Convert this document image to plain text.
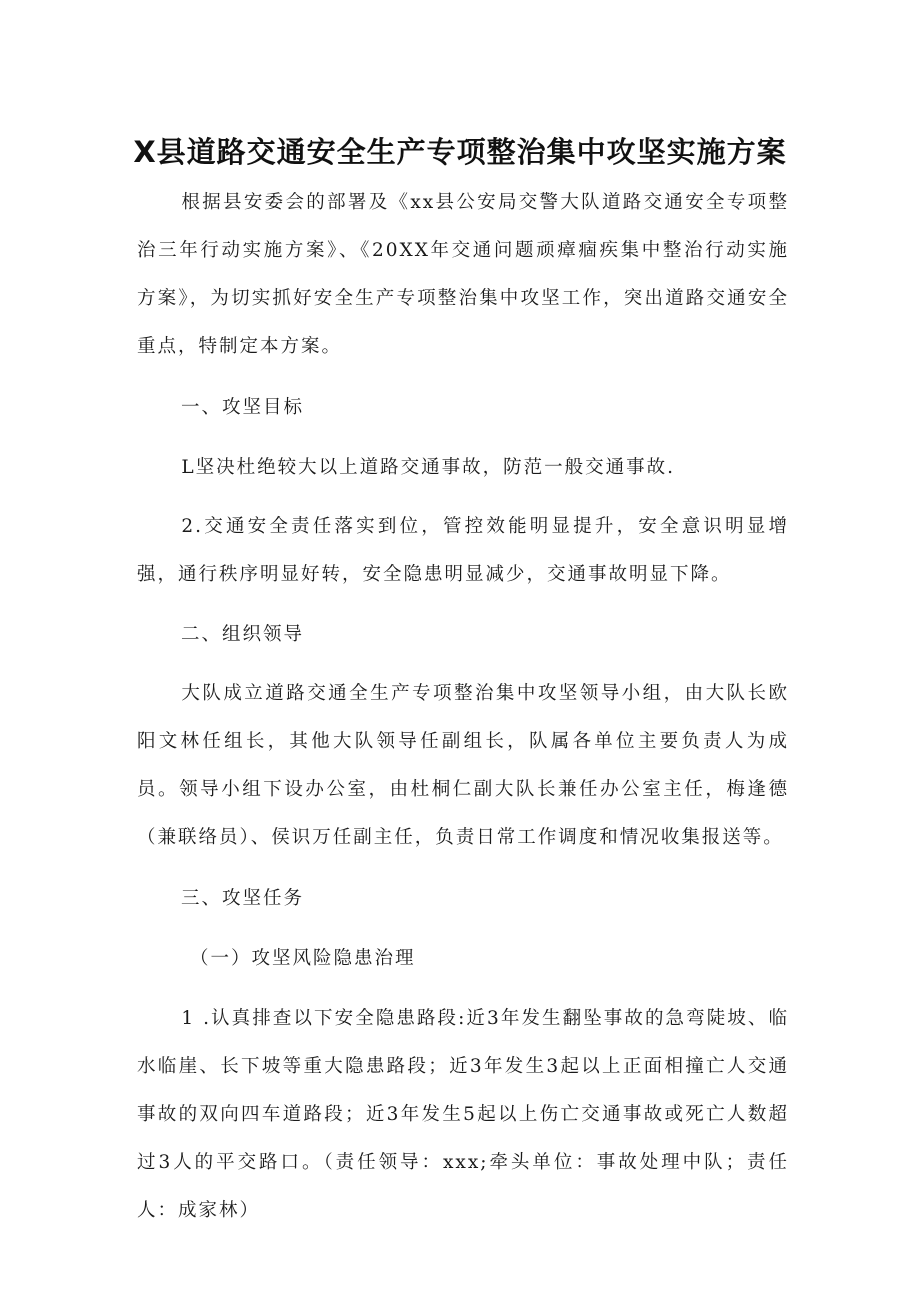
X县道路交通安全生产专项整治集中攻坚实施方案

根据县安委会的部署及《xx县公安局交警大队道路交通安全专项整治三年行动实施方案》、《20XX年交通问题顽瘴痼疾集中整治行动实施方案》，为切实抓好安全生产专项整治集中攻坚工作，突出道路交通安全重点，特制定本方案。

一、攻坚目标

L坚决杜绝较大以上道路交通事故，防范一般交通事故.

2.交通安全责任落实到位，管控效能明显提升，安全意识明显增强，通行秩序明显好转，安全隐患明显减少，交通事故明显下降。

二、组织领导

大队成立道路交通全生产专项整治集中攻坚领导小组，由大队长欧阳文林任组长，其他大队领导任副组长，队属各单位主要负责人为成员。领导小组下设办公室，由杜桐仁副大队长兼任办公室主任，梅逢德（兼联络员）、侯识万任副主任，负责日常工作调度和情况收集报送等。

三、攻坚任务

（一）攻坚风险隐患治理

1 .认真排查以下安全隐患路段:近3年发生翻坠事故的急弯陡坡、临水临崖、长下坡等重大隐患路段；近3年发生3起以上正面相撞亡人交通事故的双向四车道路段；近3年发生5起以上伤亡交通事故或死亡人数超过3人的平交路口。（责任领导：xxx;牵头单位：事故处理中队；责任人：成家林）
